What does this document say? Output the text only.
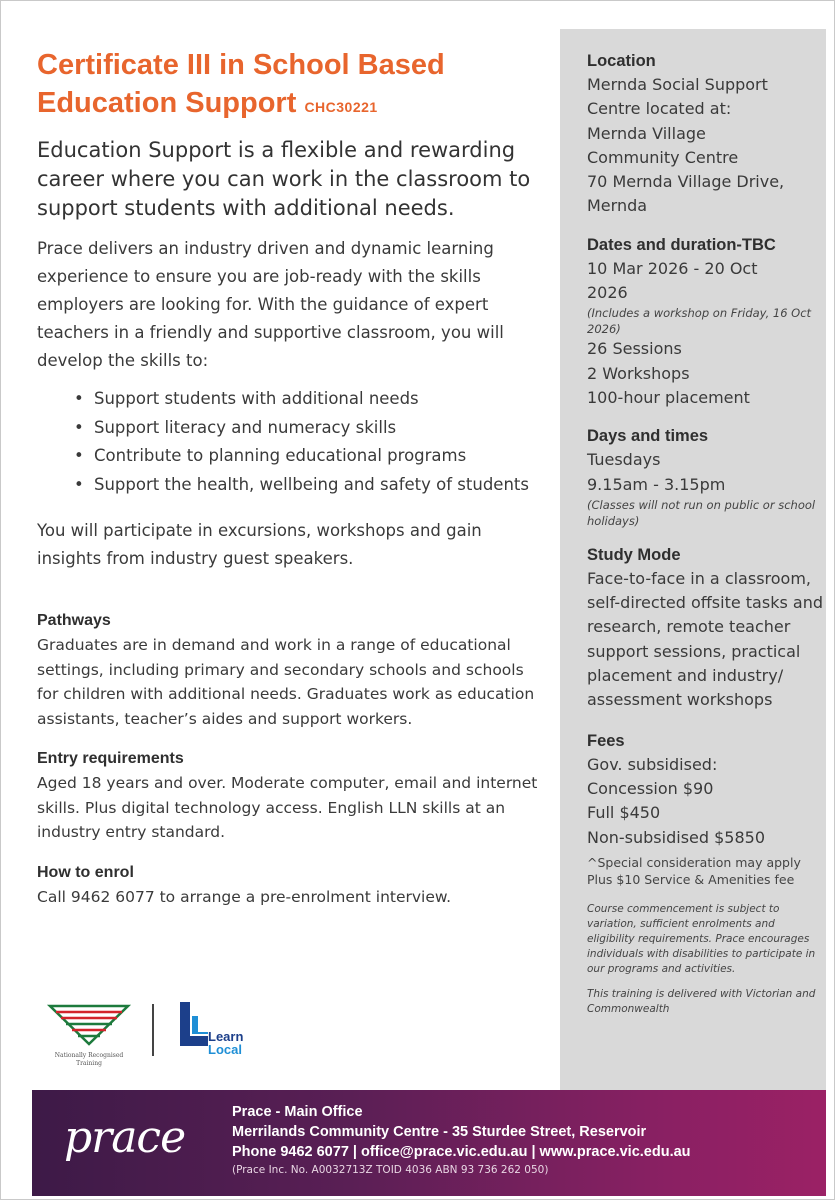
Certificate III in School Based
Education Support CHC30221

Education Support is a flexible and rewarding career where you can work in the classroom to support students with additional needs.

Prace delivers an industry driven and dynamic learning experience to ensure you are job-ready with the skills employers are looking for. With the guidance of expert teachers in a friendly and supportive classroom, you will develop the skills to:

• Support students with additional needs
• Support literacy and numeracy skills
• Contribute to planning educational programs
• Support the health, wellbeing and safety of students

You will participate in excursions, workshops and gain insights from industry guest speakers.

Pathways

Graduates are in demand and work in a range of educational settings, including primary and secondary schools and schools for children with additional needs. Graduates work as education assistants, teacher’s aides and support workers.

Entry requirements

Aged 18 years and over. Moderate computer, email and internet skills. Plus digital technology access. English LLN skills at an industry entry standard.

How to enrol

Call 9462 6077 to arrange a pre-enrolment interview.

Nationally Recognised Training
Learn
Local

Location

Mernda Social Support

Centre located at:

Mernda Village

Community Centre

70 Mernda Village Drive,

Mernda

Dates and duration-TBC

10 Mar 2026 - 20 Oct

2026

(Includes a workshop on Friday, 16 Oct 2026)

26 Sessions

2 Workshops

100-hour placement

Days and times

Tuesdays

9.15am - 3.15pm

(Classes will not run on public or school holidays)

Study Mode

Face-to-face in a classroom, self-directed offsite tasks and research, remote teacher support sessions, practical placement and industry/ assessment workshops

Fees

Gov. subsidised:

Concession $90

Full $450

Non-subsidised $5850

^Special consideration may apply

Plus $10 Service & Amenities fee

Course commencement is subject to variation, sufficient enrolments and eligibility requirements. Prace encourages individuals with disabilities to participate in our programs and activities.

This training is delivered with Victorian and Commonwealth

prace	Prace - Main Office

Merrilands Community Centre - 35 Sturdee Street, Reservoir

Phone 9462 6077 | office@prace.vic.edu.au | www.prace.vic.edu.au

(Prace Inc. No. A0032713Z TOID 4036 ABN 93 736 262 050)
